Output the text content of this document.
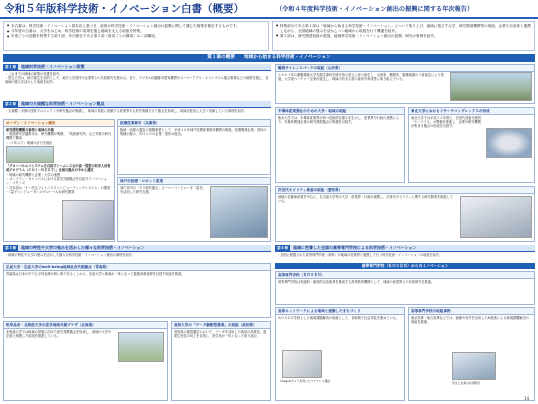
令和５年版科学技術・イノベーション白書（概要）	（令和４年度科学技術・イノベーション創出の振興に関する年次報告）
● 本白書は、科学技術・イノベーション基本法に基づき、政府が科学技術・イノベーション創出の振興に関して講じた施策を報告するものです。
● 今年度の白書は、大学をはじめ、科学技術の成果を通じ地域を支える取組を特集。
● 年度ごとの話題を特集する第１部、年次報告である第２部（府省ごとの構成）の二部構成。
● 特集部分である第１部は「地域から始まる科学技術・イノベーション」について取り上げ、地域に根ざす大学、研究開発機関等の取組、企業や自治体と連携しながら、全国地域の強みを活かしつつ地域から取組を行う機運を紹介。
● 第２部は、研究開発投資の進展、地域科学技術・イノベーション創出の振興、研究の事例を紹介。
第１部の概要　　地域から始まる科学技術・イノベーション
第１章	地域科学技術・イノベーション政策
・ これまでの地域の政策の変遷を紹介。
・ 国立大学は、地方創生を目的とした、地方公共団体や企業等との共同研究を進める。また、デジタル田園都市国家構想やスーパーアプリ・エコシステム拠点事業などの政策を通じ、各地域の強みを活かした取組を紹介。
第２章	地域の大規模な科学技術・イノベーション拠点
・ 大規模・多数の国家プロジェクトや研究拠点が集積し、地域の発展に貢献する産業界や人材を集積させて拠点を形成し、地域活性化に大きく貢献している事例を紹介。
オープン・イノベーション創出
研究開発機関の事例と地域の共創
・ 筑波研究学園都市は、研究機関が集積、「筑波研究所」など多数の研究機関で構成
・ （５年ぶり）地域の活力を創出
「グローバルエコシステムを目指すシームレスな中高一貫型の科学人材育成プログラム（ＣＯＩ－ＮＥＸＴ）」全国の拠点の中から選定
・ 地域の研究機関と企業・大学の連携
・ オンライン・キャンパスにおける産学共創拠点を目指すイノベーション・コモンズ
・ 日本初の「十一次元フォトニクスコンピューティングシステム」の開発
・ （量子コンピュータ）のグローバルな研究開発
医療産業都市（兵庫県）
阪神・淡路大震災の復興事業として、平成１０年神戸医療産業都市構想の推進。医療関連企業・団体の集積が進み、約３６０の企業・団体が進出。
神戸市医療・ロボット産業
神戸市内の「Ｐ５研究拠点」スーパーコンピュータ「富岳」を活用した研究支援。
鶴岡サイエンスパークの取組（山形県）
２００１年の慶應義塾大学先端生命科学研究所の設立に伴い誕生し、山形県、鶴岡市、慶應義塾の３者協定により発展。大学発ベンチャー企業が誕生し、地域の若手人材の雇用や育成等に取り組んでいる。
半導体産業強化のための大学・地域の取組
熊本大学では、半導体産業界が持つ技術的な強みを生かし、産業界や行政の連携により、半導体関連企業の研究開発拠点の集積を目指す。
東北大学におけるリサーチコンプレックスの形成
東北大学では平成２２年度に、次世代放射光施設「ナノテラス」の整備を推進し、企業や研究機関が集まる拠点の形成を目指す。
次世代モビリティ推進の取組（愛知県）
地域の自動車産業を中心に、名古屋大学等の大学・産業界・行政が連携し、次世代モビリティに関する研究開発を推進している。
第３章	地域の特性や大学の強みを活かした様々な科学技術・イノベーション
・ 地域の特性や大学の強みを活かした様々な科学技術・イノベーション創出の事例を紹介。
弘前大学・弘前大学のwell-being地域社会共創拠点（青森県）
青森県は日本の中でも平均寿命が短い県であることから、弘前大学と地域が一体となって健康寿命延伸を目指す取組を推進。
乾草品用・北海道大学の産学地域共創プラザ（北海道）
北海道大学では地域の発展に向けた産学連携拠点を形成し、地域の大学や企業と連携した取組を推進している。
高知大学の「データ駆動型農業」の取組（高知県）
高知県の施設園芸において、データを活用した栽培の高度化、農業生産性の向上を目指し、産学官が一体となって取り組む。
第４章	地域に密着した全国の高等専門学校による科学技術・イノベーション
・ 全国に配置された高等専門学校（高専）が地域の産業界と連携して行う科学技術・イノベーションの取組を紹介。
高等専門学校（ＫＯＳＥＮ）からのイノベーション
高等専門学校（ＫＯＳＥＮ）
高等専門学校は実践的・創造的な技術者を養成する高等教育機関として、地域の産業界との共同研究を推進。
高専ネットワークによる地域と連携したまちづくり
ＫＯＳＥＮを核とした地域課題解決の取組として、各地域で社会実装を進めている。
IntegrAIカメラを用いたワイヤレス通信
高等専門学校の取組事例
東京高専・仙台高専などでは、画像や音声を活用したAI技術による地域課題解決の取組を推進。
学生と企業の共同研究
14
